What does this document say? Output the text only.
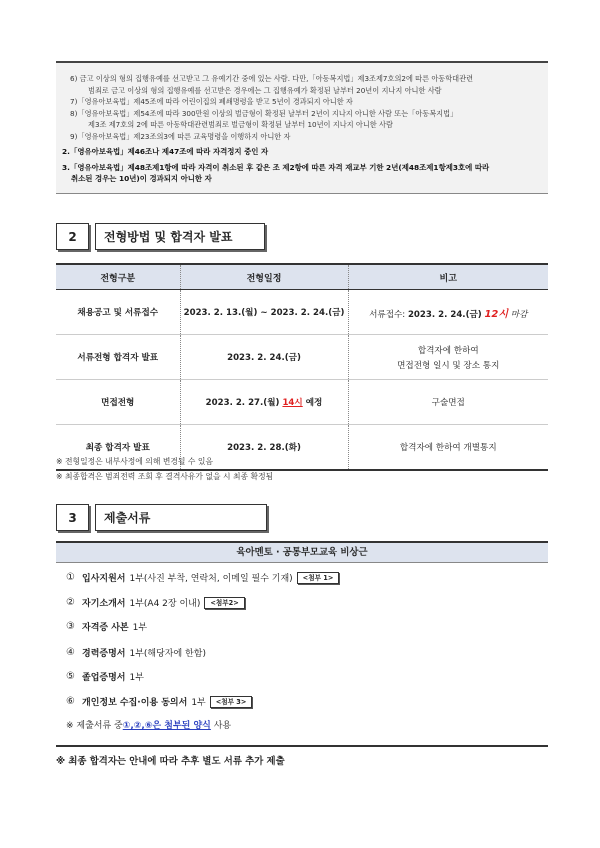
6) 금고 이상의 형의 집행유예를 선고받고 그 유예기간 중에 있는 사람. 다만,「아동복지법」제3조제7호의2에 따른 아동학대관련
범죄로 금고 이상의 형의 집행유예를 선고받은 경우에는 그 집행유예가 확정된 날부터 20년이 지나지 아니한 사람
7)「영유아보육법」제45조에 따라 어린이집의 폐쇄명령을 받고 5년이 경과되지 아니한 자
8)「영유아보육법」제54조에 따라 300만원 이상의 벌금형이 확정된 날부터 2년이 지나지 아니한 사람 또는「아동복지법」
제3조 제7호의 2에 따른 아동학대관련범죄로 벌금형이 확정된 날부터 10년이 지나지 아니한 사람
9)「영유아보육법」제23조의3에 따른 교육명령을 이행하지 아니한 자
2.「영유아보육법」제46조나 제47조에 따라 자격정지 중인 자
3.「영유아보육법」제48조제1항에 따라 자격이 취소된 후 같은 조 제2항에 따른 자격 재교부 기한 2년(제48조제1항제3호에 따라
취소된 경우는 10년)이 경과되지 아니한 자
2	전형방법 및 합격자 발표
전형구분	전형일정	비고
채용공고 및 서류접수	2023. 2. 13.(월) ~ 2023. 2. 24.(금)	서류접수: 2023. 2. 24.(금) 12시 마감
서류전형 합격자 발표	2023. 2. 24.(금)	합격자에 한하여
면접전형 일시 및 장소 통지

면접전형	2023. 2. 27.(월) 14시 예정	구술면접
최종 합격자 발표	2023. 2. 28.(화)	합격자에 한하여 개별통지
※ 전형일정은 내부사정에 의해 변경될 수 있음
※ 최종합격은 범죄전력 조회 후 결격사유가 없을 시 최종 확정됨
3	제출서류
육아멘토 · 공통부모교육 비상근
① 입사지원서 1부(사진 부착, 연락처, 이메일 필수 기재)	<첨부 1>
② 자기소개서 1부(A4 2장 이내)	<첨부2>
③ 자격증 사본 1부
④ 경력증명서 1부(해당자에 한함)
⑤ 졸업증명서 1부
⑥ 개인정보 수집·이용 동의서 1부	<첨부 3>
※ 제출서류 중 ①,②,⑥은 첨부된 양식 사용
※ 최종 합격자는 안내에 따라 추후 별도 서류 추가 제출
